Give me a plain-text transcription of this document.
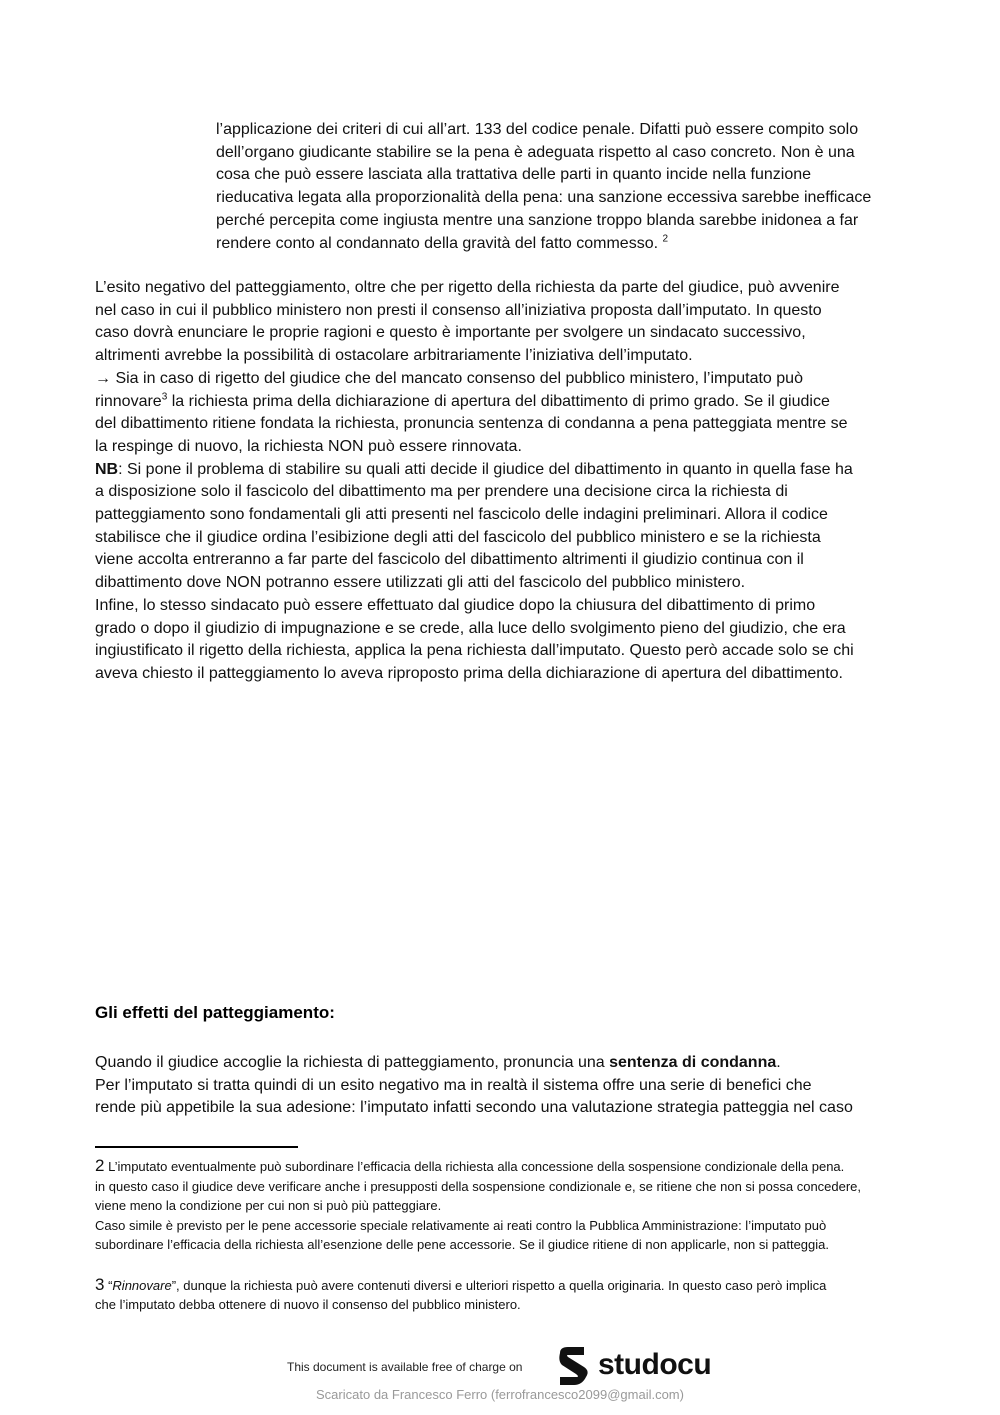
l’applicazione dei criteri di cui all’art. 133 del codice penale. Difatti può essere compito solo
dell’organo giudicante stabilire se la pena è adeguata rispetto al caso concreto. Non è una
cosa che può essere lasciata alla trattativa delle parti in quanto incide nella funzione
rieducativa legata alla proporzionalità della pena: una sanzione eccessiva sarebbe inefficace
perché percepita come ingiusta mentre una sanzione troppo blanda sarebbe inidonea a far
rendere conto al condannato della gravità del fatto commesso. $^2$
L’esito negativo del patteggiamento, oltre che per rigetto della richiesta da parte del giudice, può avvenire
nel caso in cui il pubblico ministero non presti il consenso all’iniziativa proposta dall’imputato. In questo
caso dovrà enunciare le proprie ragioni e questo è importante per svolgere un sindacato successivo,
altrimenti avrebbe la possibilità di ostacolare arbitrariamente l’iniziativa dell’imputato.
→ Sia in caso di rigetto del giudice che del mancato consenso del pubblico ministero, l’imputato può
rinnovare$^3$ la richiesta prima della dichiarazione di apertura del dibattimento di primo grado. Se il giudice
del dibattimento ritiene fondata la richiesta, pronuncia sentenza di condanna a pena patteggiata mentre se
la respinge di nuovo, la richiesta NON può essere rinnovata.
NB: Si pone il problema di stabilire su quali atti decide il giudice del dibattimento in quanto in quella fase ha
a disposizione solo il fascicolo del dibattimento ma per prendere una decisione circa la richiesta di
patteggiamento sono fondamentali gli atti presenti nel fascicolo delle indagini preliminari. Allora il codice
stabilisce che il giudice ordina l’esibizione degli atti del fascicolo del pubblico ministero e se la richiesta
viene accolta entreranno a far parte del fascicolo del dibattimento altrimenti il giudizio continua con il
dibattimento dove NON potranno essere utilizzati gli atti del fascicolo del pubblico ministero.
Infine, lo stesso sindacato può essere effettuato dal giudice dopo la chiusura del dibattimento di primo
grado o dopo il giudizio di impugnazione e se crede, alla luce dello svolgimento pieno del giudizio, che era
ingiustificato il rigetto della richiesta, applica la pena richiesta dall’imputato. Questo però accade solo se chi
aveva chiesto il patteggiamento lo aveva riproposto prima della dichiarazione di apertura del dibattimento.
Gli effetti del patteggiamento:
Quando il giudice accoglie la richiesta di patteggiamento, pronuncia una sentenza di condanna.
Per l’imputato si tratta quindi di un esito negativo ma in realtà il sistema offre una serie di benefici che
rende più appetibile la sua adesione: l’imputato infatti secondo una valutazione strategia patteggia nel caso
2 L’imputato eventualmente può subordinare l’efficacia della richiesta alla concessione della sospensione condizionale della pena.
in questo caso il giudice deve verificare anche i presupposti della sospensione condizionale e, se ritiene che non si possa concedere,
viene meno la condizione per cui non si può più patteggiare.
Caso simile è previsto per le pene accessorie speciale relativamente ai reati contro la Pubblica Amministrazione: l’imputato può
subordinare l’efficacia della richiesta all’esenzione delle pene accessorie. Se il giudice ritiene di non applicarle, non si patteggia.
3 “Rinnovare”, dunque la richiesta può avere contenuti diversi e ulteriori rispetto a quella originaria. In questo caso però implica
che l’imputato debba ottenere di nuovo il consenso del pubblico ministero.
This document is available free of charge on	studocu
Scaricato da Francesco Ferro (ferrofrancesco2099@gmail.com)
